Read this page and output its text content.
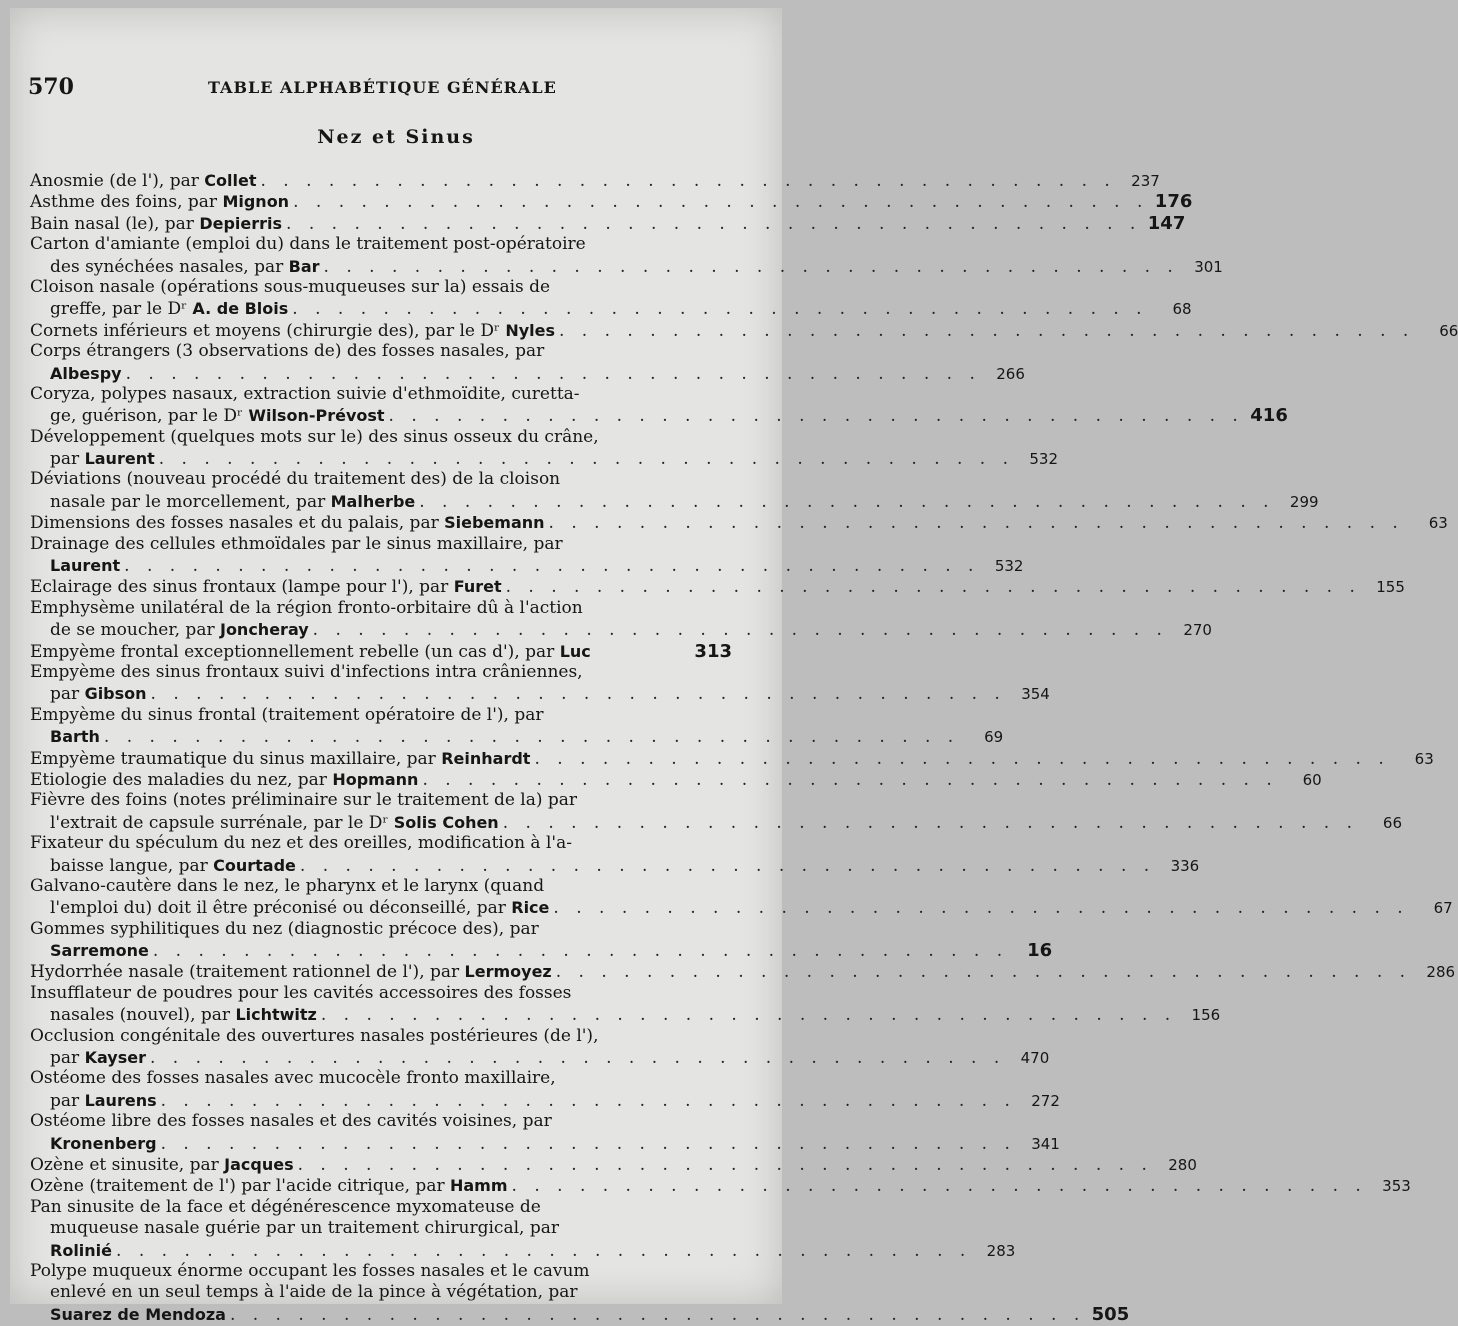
570	TABLE ALPHABÉTIQUE GÉNÉRALE
Nez et Sinus
Anosmie (de l'), par Collet . . . . . . . . . . . . . . . . . . . . . . . . . . . . . . . . . . . . . .	237
Asthme des foins, par Mignon . . . . . . . . . . . . . . . . . . . . . . . . . . . . . . . . . . . . . . 176
Bain nasal (le), par Depierris . . . . . . . . . . . . . . . . . . . . . . . . . . . . . . . . . . . . . . 147
Carton d'amiante (emploi du) dans le traitement post-opératoire
des synéchées nasales, par Bar . . . . . . . . . . . . . . . . . . . . . . . . . . . . . . . . . . . . . .	301
Cloison nasale (opérations sous-muqueuses sur la) essais de
greffe, par le Dʳ A. de Blois . . . . . . . . . . . . . . . . . . . . . . . . . . . . . . . . . . . . . .	68
Cornets inférieurs et moyens (chirurgie des), par le Dʳ Nyles . . . . . . . . . . . . . . . . . . . . . . . . . . . . . . . . . . . . . .	66
Corps étrangers (3 observations de) des fosses nasales, par
Albespy . . . . . . . . . . . . . . . . . . . . . . . . . . . . . . . . . . . . . .	266
Coryza, polypes nasaux, extraction suivie d'ethmoïdite, curetta-
ge, guérison, par le Dʳ Wilson-Prévost . . . . . . . . . . . . . . . . . . . . . . . . . . . . . . . . . . . . . . 416
Développement (quelques mots sur le) des sinus osseux du crâne,
par Laurent . . . . . . . . . . . . . . . . . . . . . . . . . . . . . . . . . . . . . .	532
Déviations (nouveau procédé du traitement des) de la cloison
nasale par le morcellement, par Malherbe . . . . . . . . . . . . . . . . . . . . . . . . . . . . . . . . . . . . . .	299
Dimensions des fosses nasales et du palais, par Siebemann . . . . . . . . . . . . . . . . . . . . . . . . . . . . . . . . . . . . . .	63
Drainage des cellules ethmoïdales par le sinus maxillaire, par
Laurent . . . . . . . . . . . . . . . . . . . . . . . . . . . . . . . . . . . . . .	532
Eclairage des sinus frontaux (lampe pour l'), par Furet . . . . . . . . . . . . . . . . . . . . . . . . . . . . . . . . . . . . . .	155
Emphysème unilatéral de la région fronto-orbitaire dû à l'action
de se moucher, par Joncheray . . . . . . . . . . . . . . . . . . . . . . . . . . . . . . . . . . . . . .	270
Empyème frontal exceptionnellement rebelle (un cas d'), par Luc	313
Empyème des sinus frontaux suivi d'infections intra crâniennes,
par Gibson . . . . . . . . . . . . . . . . . . . . . . . . . . . . . . . . . . . . . .	354
Empyème du sinus frontal (traitement opératoire de l'), par
Barth . . . . . . . . . . . . . . . . . . . . . . . . . . . . . . . . . . . . . .	69
Empyème traumatique du sinus maxillaire, par Reinhardt . . . . . . . . . . . . . . . . . . . . . . . . . . . . . . . . . . . . . .	63
Etiologie des maladies du nez, par Hopmann . . . . . . . . . . . . . . . . . . . . . . . . . . . . . . . . . . . . . .	60
Fièvre des foins (notes préliminaire sur le traitement de la) par
l'extrait de capsule surrénale, par le Dʳ Solis Cohen . . . . . . . . . . . . . . . . . . . . . . . . . . . . . . . . . . . . . .	66
Fixateur du spéculum du nez et des oreilles, modification à l'a-
baisse langue, par Courtade . . . . . . . . . . . . . . . . . . . . . . . . . . . . . . . . . . . . . .	336
Galvano-cautère dans le nez, le pharynx et le larynx (quand
l'emploi du) doit il être préconisé ou déconseillé, par Rice . . . . . . . . . . . . . . . . . . . . . . . . . . . . . . . . . . . . . .	67
Gommes syphilitiques du nez (diagnostic précoce des), par
Sarremone . . . . . . . . . . . . . . . . . . . . . . . . . . . . . . . . . . . . . .	16
Hydorrhée nasale (traitement rationnel de l'), par Lermoyez . . . . . . . . . . . . . . . . . . . . . . . . . . . . . . . . . . . . . .	286
Insufflateur de poudres pour les cavités accessoires des fosses
nasales (nouvel), par Lichtwitz . . . . . . . . . . . . . . . . . . . . . . . . . . . . . . . . . . . . . .	156
Occlusion congénitale des ouvertures nasales postérieures (de l'),
par Kayser . . . . . . . . . . . . . . . . . . . . . . . . . . . . . . . . . . . . . .	470
Ostéome des fosses nasales avec mucocèle fronto maxillaire,
par Laurens . . . . . . . . . . . . . . . . . . . . . . . . . . . . . . . . . . . . . .	272
Ostéome libre des fosses nasales et des cavités voisines, par
Kronenberg . . . . . . . . . . . . . . . . . . . . . . . . . . . . . . . . . . . . . .	341
Ozène et sinusite, par Jacques . . . . . . . . . . . . . . . . . . . . . . . . . . . . . . . . . . . . . .	280
Ozène (traitement de l') par l'acide citrique, par Hamm . . . . . . . . . . . . . . . . . . . . . . . . . . . . . . . . . . . . . .	353
Pan sinusite de la face et dégénérescence myxomateuse de
muqueuse nasale guérie par un traitement chirurgical, par
Rolinié . . . . . . . . . . . . . . . . . . . . . . . . . . . . . . . . . . . . . .	283
Polype muqueux énorme occupant les fosses nasales et le cavum
enlevé en un seul temps à l'aide de la pince à végétation, par
Suarez de Mendoza . . . . . . . . . . . . . . . . . . . . . . . . . . . . . . . . . . . . . . 505
